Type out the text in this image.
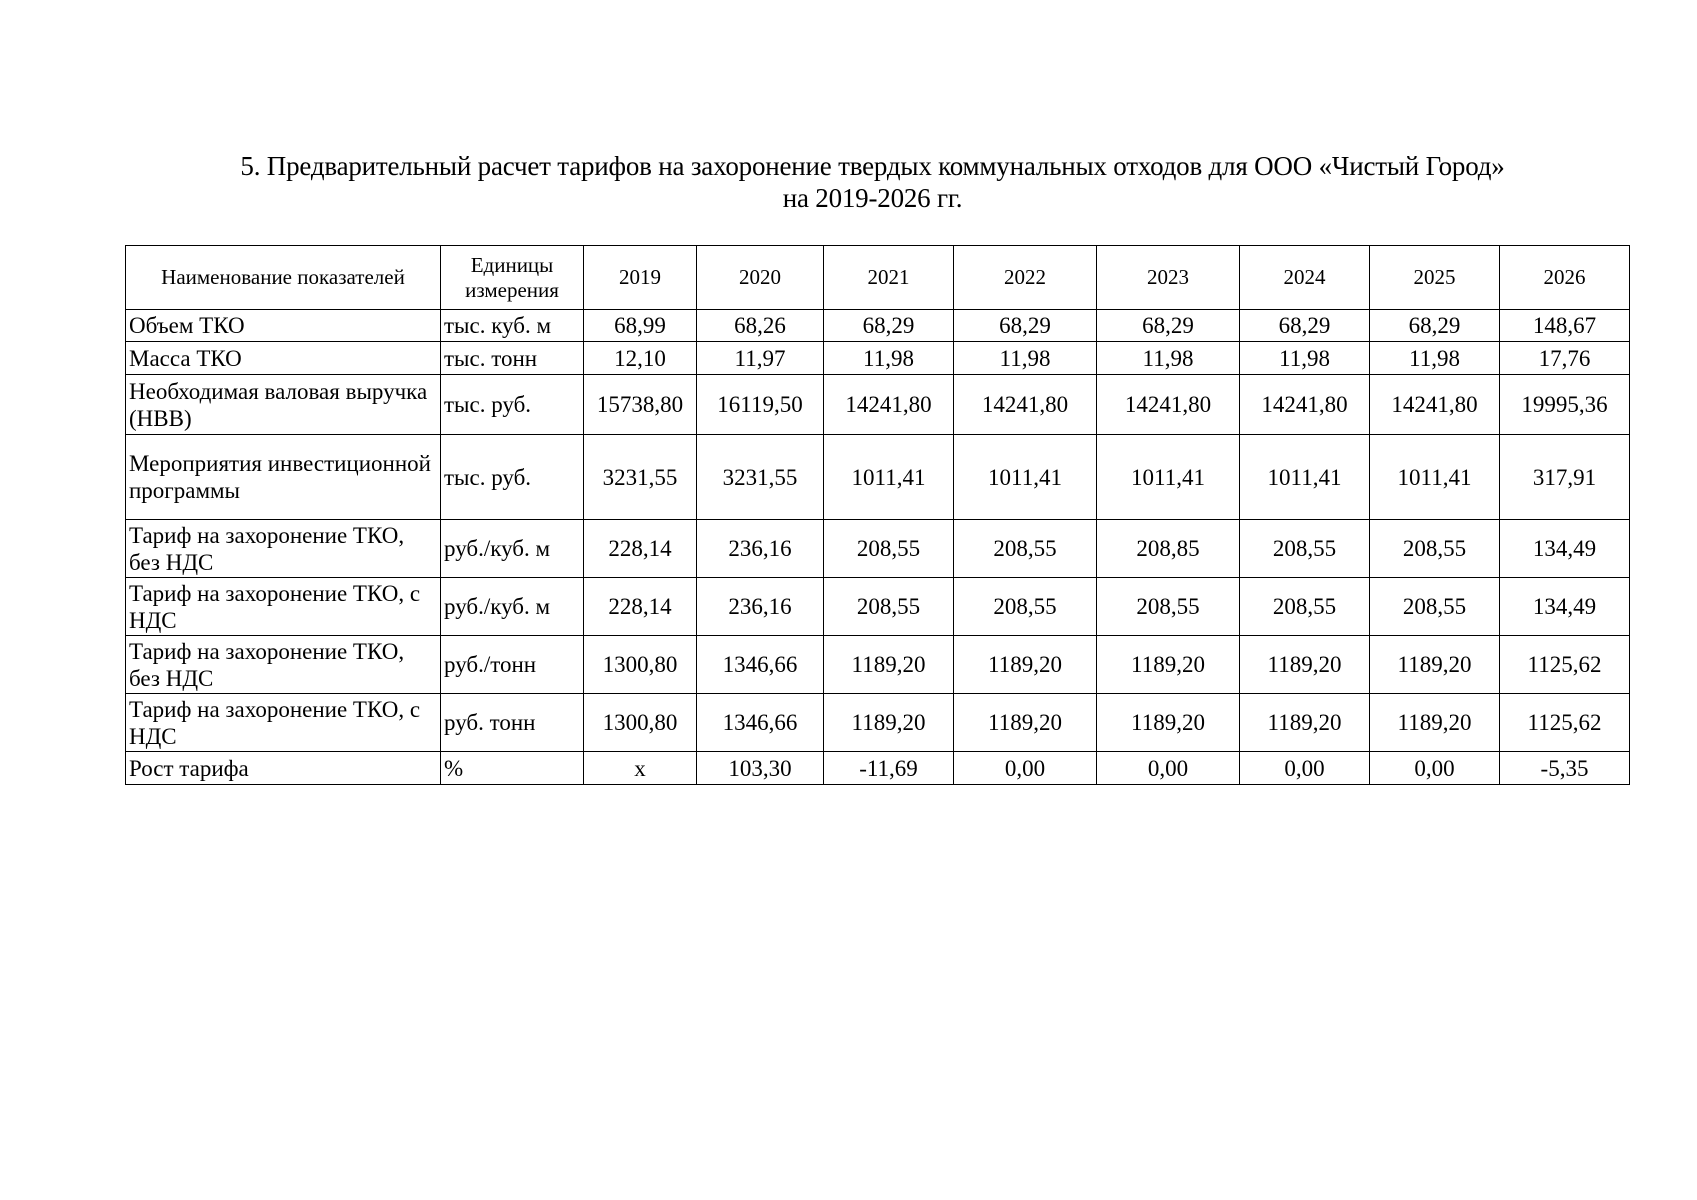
5. Предварительный расчет тарифов на захоронение твердых коммунальных отходов для ООО «Чистый Город»
на 2019-2026 гг.
Наименование показателей	Единицы измерения	2019	2020	2021	2022	2023	2024	2025	2026
Объем ТКО	тыс. куб. м	68,99	68,26	68,29	68,29	68,29	68,29	68,29	148,67
Масса ТКО	тыс. тонн	12,10	11,97	11,98	11,98	11,98	11,98	11,98	17,76
Необходимая валовая выручка (НВВ)	тыс. руб.	15738,80	16119,50	14241,80	14241,80	14241,80	14241,80	14241,80	19995,36
Мероприятия инвестиционной программы	тыс. руб.	3231,55	3231,55	1011,41	1011,41	1011,41	1011,41	1011,41	317,91
Тариф на захоронение ТКО, без НДС	руб./куб. м	228,14	236,16	208,55	208,55	208,85	208,55	208,55	134,49
Тариф на захоронение ТКО, с НДС	руб./куб. м	228,14	236,16	208,55	208,55	208,55	208,55	208,55	134,49
Тариф на захоронение ТКО, без НДС	руб./тонн	1300,80	1346,66	1189,20	1189,20	1189,20	1189,20	1189,20	1125,62
Тариф на захоронение ТКО, с НДС	руб. тонн	1300,80	1346,66	1189,20	1189,20	1189,20	1189,20	1189,20	1125,62
Рост тарифа	%	х	103,30	-11,69	0,00	0,00	0,00	0,00	-5,35
